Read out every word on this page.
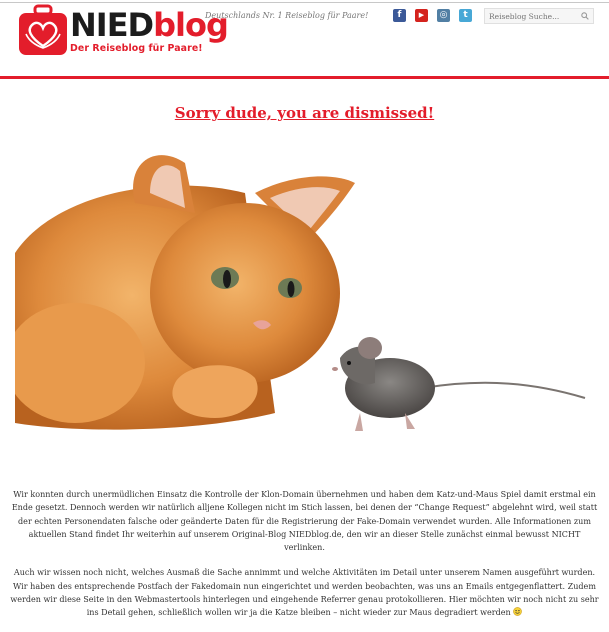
NIEDblog
Der Reiseblog für Paare!
Deutschlands Nr. 1 Reiseblog für Paare!	f	▶	◎	t
Reiseblog Suche...
Sorry dude, you are dismissed!

Wir konnten durch unermüdlichen Einsatz die Kontrolle der Klon-Domain übernehmen und haben dem Katz-und-Maus Spiel damit erstmal ein Ende gesetzt. Dennoch werden wir natürlich alljene Kollegen nicht im Stich lassen, bei denen der “Change Request” abgelehnt wird, weil statt der echten Personendaten falsche oder geänderte Daten für die Registrierung der Fake-Domain verwendet wurden. Alle Informationen zum aktuellen Stand findet Ihr weiterhin auf unserem Original-Blog NIEDblog.de, den wir an dieser Stelle zunächst einmal bewusst NICHT verlinken.

Auch wir wissen noch nicht, welches Ausmaß die Sache annimmt und welche Aktivitäten im Detail unter unserem Namen ausgeführt wurden. Wir haben des entsprechende Postfach der Fakedomain nun eingerichtet und werden beobachten, was uns an Emails entgegenflattert. Zudem werden wir diese Seite in den Webmastertools hinterlegen und eingehende Referrer genau protokollieren. Hier möchten wir noch nicht zu sehr ins Detail gehen, schließlich wollen wir ja die Katze bleiben – nicht wieder zur Maus degradiert werden
